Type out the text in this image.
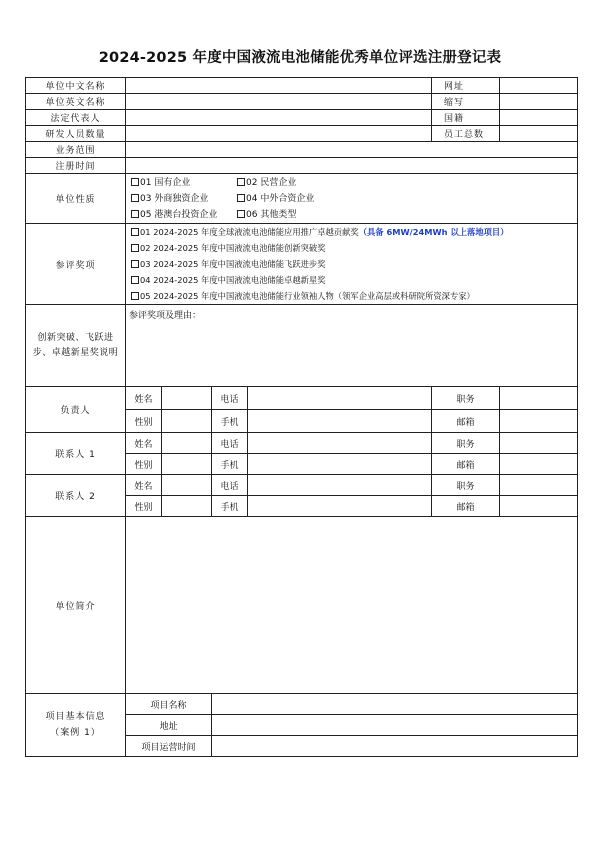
2024-2025 年度中国液流电池储能优秀单位评选注册登记表
单位中文名称					网址	
单位英文名称					缩写	
法定代表人					国籍	
研发人员数量					员工总数	
业务范围						
注册时间						
单位性质	01 国有企业 02 民营企业
03 外商独资企业 04 中外合资企业
05 港澳台投资企业 06 其他类型					

参评奖项	01 2024-2025 年度全球液流电池储能应用推广卓越贡献奖（具备 6MW/24MWh 以上落地项目）
02 2024-2025 年度中国液流电池储能创新突破奖
03 2024-2025 年度中国液流电池储能飞跃进步奖
04 2024-2025 年度中国液流电池储能卓越新星奖
05 2024-2025 年度中国液流电池储能行业领袖人物（领军企业高层或科研院所资深专家）					

创新突破、飞跃进步、卓越新星奖说明	参评奖项及理由：					
负责人	姓名		电话		职务	
	性别		手机		邮箱	
联系人 1	姓名		电话		职务	
	性别		手机		邮箱	
联系人 2	姓名		电话		职务	
	性别		手机		邮箱	
单位简介						

项目基本信息
（案例 1）	项目名称					
	地址					
	项目运营时间					
